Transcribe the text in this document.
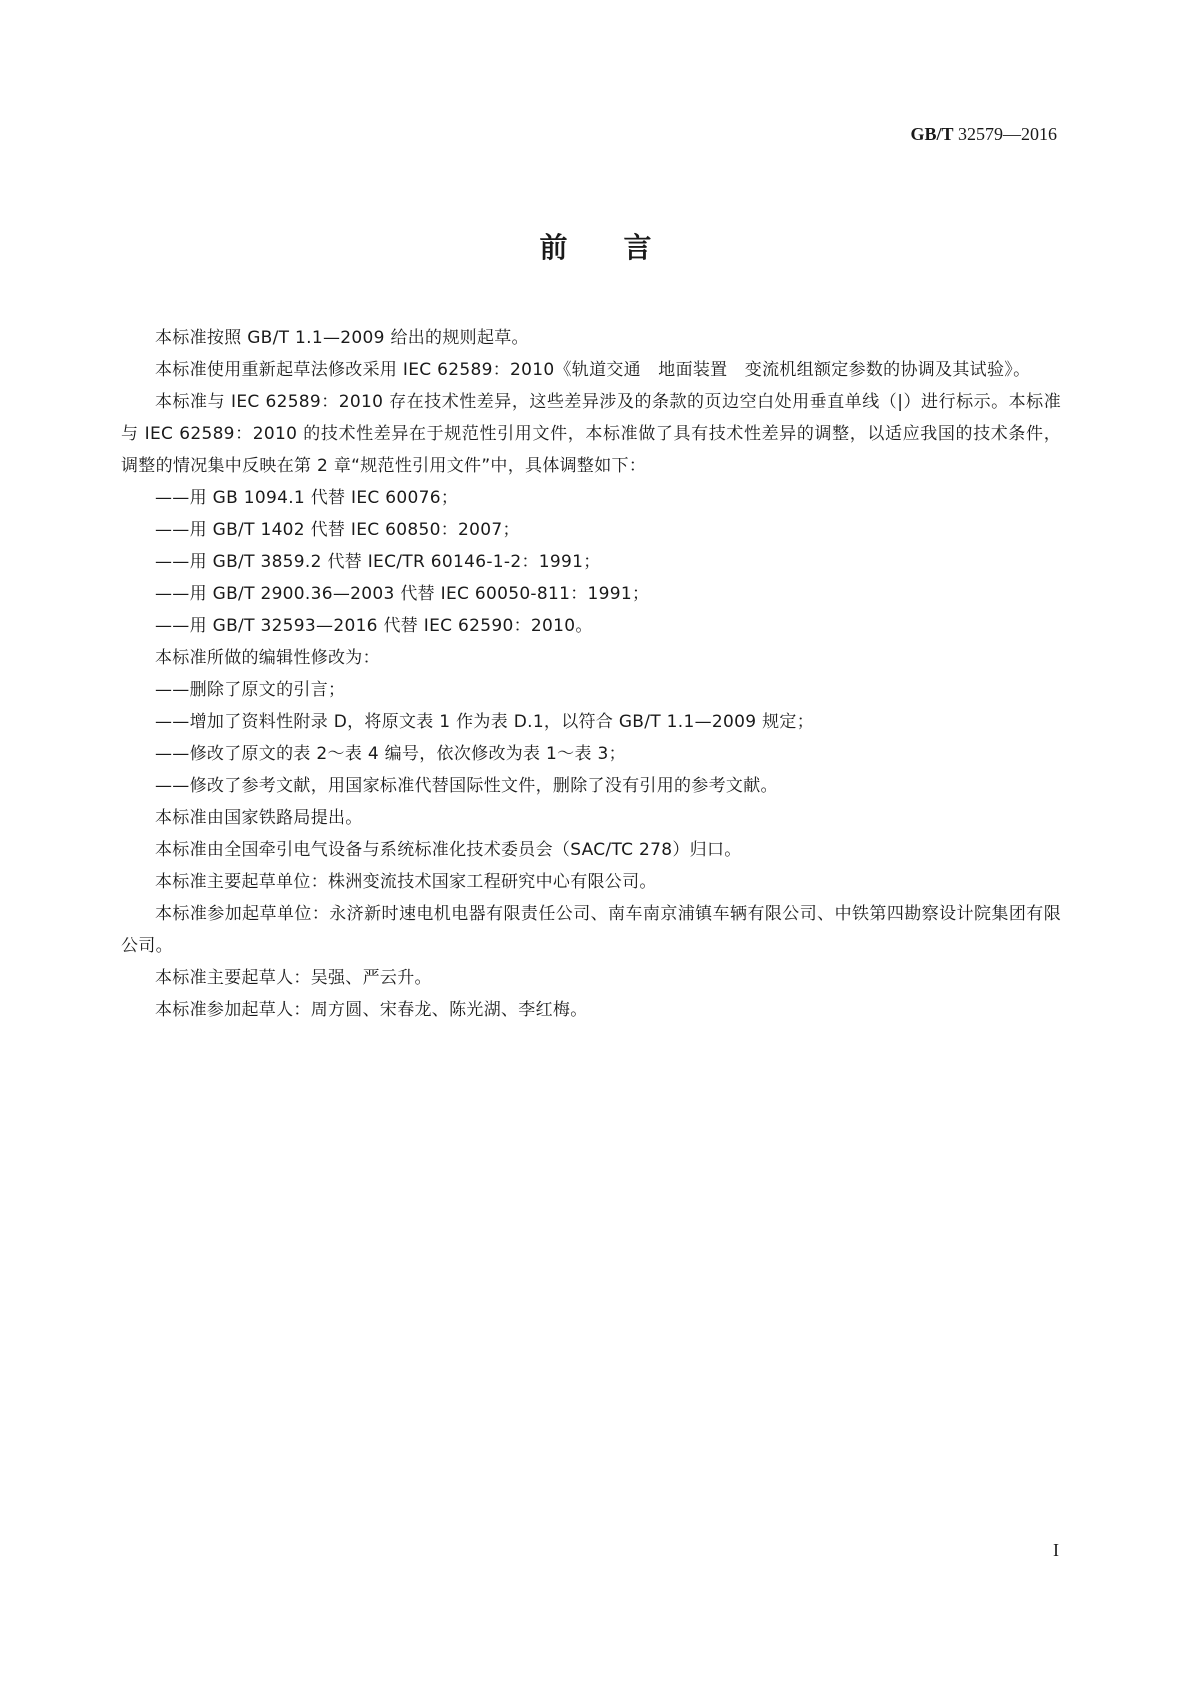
GB/T 32579—2016
前 言

本标准按照 GB/T 1.1—2009 给出的规则起草。

本标准使用重新起草法修改采用 IEC 62589：2010《轨道交通　地面装置　变流机组额定参数的协调及其试验》。

本标准与 IEC 62589：2010 存在技术性差异，这些差异涉及的条款的页边空白处用垂直单线（|）进行标示。本标准与 IEC 62589：2010 的技术性差异在于规范性引用文件，本标准做了具有技术性差异的调整，以适应我国的技术条件，调整的情况集中反映在第 2 章“规范性引用文件”中，具体调整如下：

——用 GB 1094.1 代替 IEC 60076；

——用 GB/T 1402 代替 IEC 60850：2007；

——用 GB/T 3859.2 代替 IEC/TR 60146-1-2：1991；

——用 GB/T 2900.36—2003 代替 IEC 60050-811：1991；

——用 GB/T 32593—2016 代替 IEC 62590：2010。

本标准所做的编辑性修改为：

——删除了原文的引言；

——增加了资料性附录 D，将原文表 1 作为表 D.1，以符合 GB/T 1.1—2009 规定；

——修改了原文的表 2～表 4 编号，依次修改为表 1～表 3；

——修改了参考文献，用国家标准代替国际性文件，删除了没有引用的参考文献。

本标准由国家铁路局提出。

本标准由全国牵引电气设备与系统标准化技术委员会（SAC/TC 278）归口。

本标准主要起草单位：株洲变流技术国家工程研究中心有限公司。

本标准参加起草单位：永济新时速电机电器有限责任公司、南车南京浦镇车辆有限公司、中铁第四勘察设计院集团有限公司。

本标准主要起草人：吴强、严云升。

本标准参加起草人：周方圆、宋春龙、陈光湖、李红梅。

I
